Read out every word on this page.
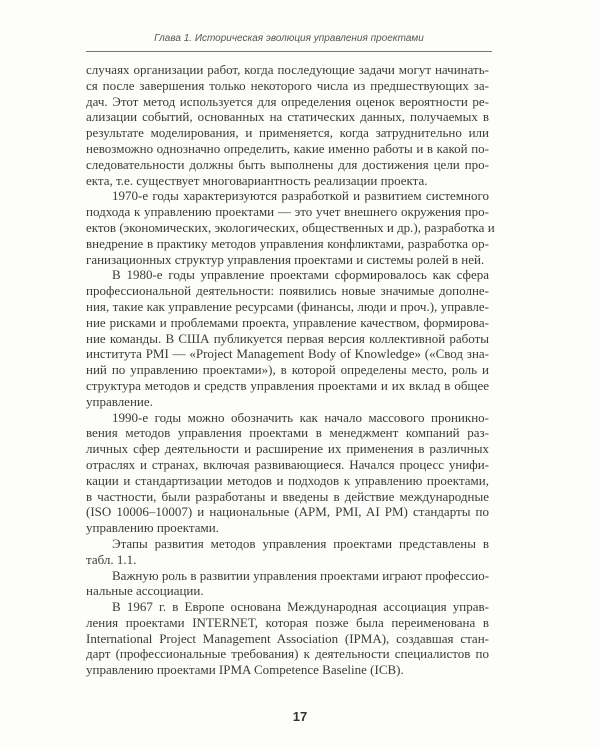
Глава 1. Историческая эволюция управления проектами
случаях организации работ, когда последующие задачи могут начинать-
ся после завершения только некоторого числа из предшествующих за-
дач. Этот метод используется для определения оценок вероятности ре-
ализации событий, основанных на статических данных, получаемых в
результате моделирования, и применяется, когда затруднительно или
невозможно однозначно определить, какие именно работы и в какой по-
следовательности должны быть выполнены для достижения цели про-
екта, т.е. существует многовариантность реализации проекта.
1970-е годы характеризуются разработкой и развитием системного
подхода к управлению проектами — это учет внешнего окружения про-
ектов (экономических, экологических, общественных и др.), разработка и
внедрение в практику методов управления конфликтами, разработка ор-
ганизационных структур управления проектами и системы ролей в ней.
В 1980-е годы управление проектами сформировалось как сфера
профессиональной деятельности: появились новые значимые дополне-
ния, такие как управление ресурсами (финансы, люди и проч.), управле-
ние рисками и проблемами проекта, управление качеством, формирова-
ние команды. В США публикуется первая версия коллективной работы
института PMI — «Project Management Body of Knowledge» («Свод зна-
ний по управлению проектами»), в которой определены место, роль и
структура методов и средств управления проектами и их вклад в общее
управление.
1990-е годы можно обозначить как начало массового проникно-
вения методов управления проектами в менеджмент компаний раз-
личных сфер деятельности и расширение их применения в различных
отраслях и странах, включая развивающиеся. Начался процесс унифи-
кации и стандартизации методов и подходов к управлению проектами,
в частности, были разработаны и введены в действие международные
(ISO 10006–10007) и национальные (APM, PMI, AI PM) стандарты по
управлению проектами.
Этапы развития методов управления проектами представлены в
табл. 1.1.
Важную роль в развитии управления проектами играют профессио-
нальные ассоциации.
В 1967 г. в Европе основана Международная ассоциация управ-
ления проектами INTERNET, которая позже была переименована в
International Project Management Association (IPMA), создавшая стан-
дарт (профессиональные требования) к деятельности специалистов по
управлению проектами IPMA Competence Baseline (ICB).
17
